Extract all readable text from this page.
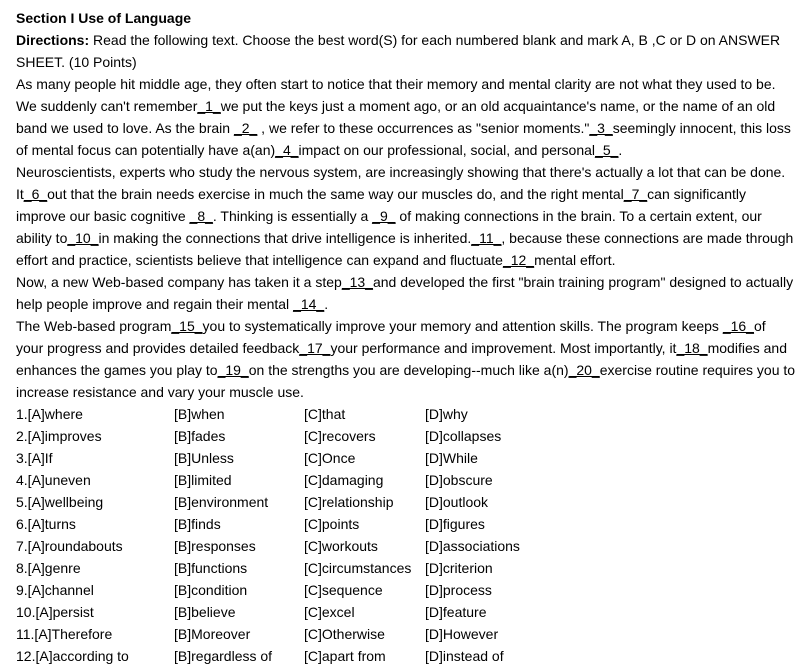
Section I Use of Language
Directions: Read the following text. Choose the best word(S) for each numbered blank and mark A, B ,C or D on ANSWER SHEET. (10 Points)

As many people hit middle age, they often start to notice that their memory and mental clarity are not what they used to be. We suddenly can't remember_1_we put the keys just a moment ago, or an old acquaintance's name, or the name of an old band we used to love. As the brain _2_ , we refer to these occurrences as "senior moments."_3_seemingly innocent, this loss of mental focus can potentially have a(an)_4_impact on our professional, social, and personal_5_.

Neuroscientists, experts who study the nervous system, are increasingly showing that there's actually a lot that can be done. It_6_out that the brain needs exercise in much the same way our muscles do, and the right mental_7_can significantly improve our basic cognitive _8_. Thinking is essentially a _9_ of making connections in the brain. To a certain extent, our ability to_10_in making the connections that drive intelligence is inherited._11_, because these connections are made through effort and practice, scientists believe that intelligence can expand and fluctuate_12_mental effort.

Now, a new Web-based company has taken it a step_13_and developed the first "brain training program" designed to actually help people improve and regain their mental _14_.

The Web-based program_15_you to systematically improve your memory and attention skills. The program keeps _16_of your progress and provides detailed feedback_17_your performance and improvement. Most importantly, it_18_modifies and enhances the games you play to_19_on the strengths you are developing--much like a(n)_20_exercise routine requires you to increase resistance and vary your muscle use.

1.[A]where	[B]when	[C]that	[D]why
2.[A]improves	[B]fades	[C]recovers	[D]collapses
3.[A]If	[B]Unless	[C]Once	[D]While
4.[A]uneven	[B]limited	[C]damaging	[D]obscure
5.[A]wellbeing	[B]environment	[C]relationship [D]outlook
6.[A]turns	[B]finds	[C]points	[D]figures
7.[A]roundabouts	[B]responses	[C]workouts	[D]associations
8.[A]genre	[B]functions	[C]circumstances [D]criterion
9.[A]channel	[B]condition	[C]sequence	[D]process
10.[A]persist	[B]believe	[C]excel	[D]feature
11.[A]Therefore	[B]Moreover	[C]Otherwise	[D]However
12.[A]according to	[B]regardless of [C]apart from	[D]instead of
